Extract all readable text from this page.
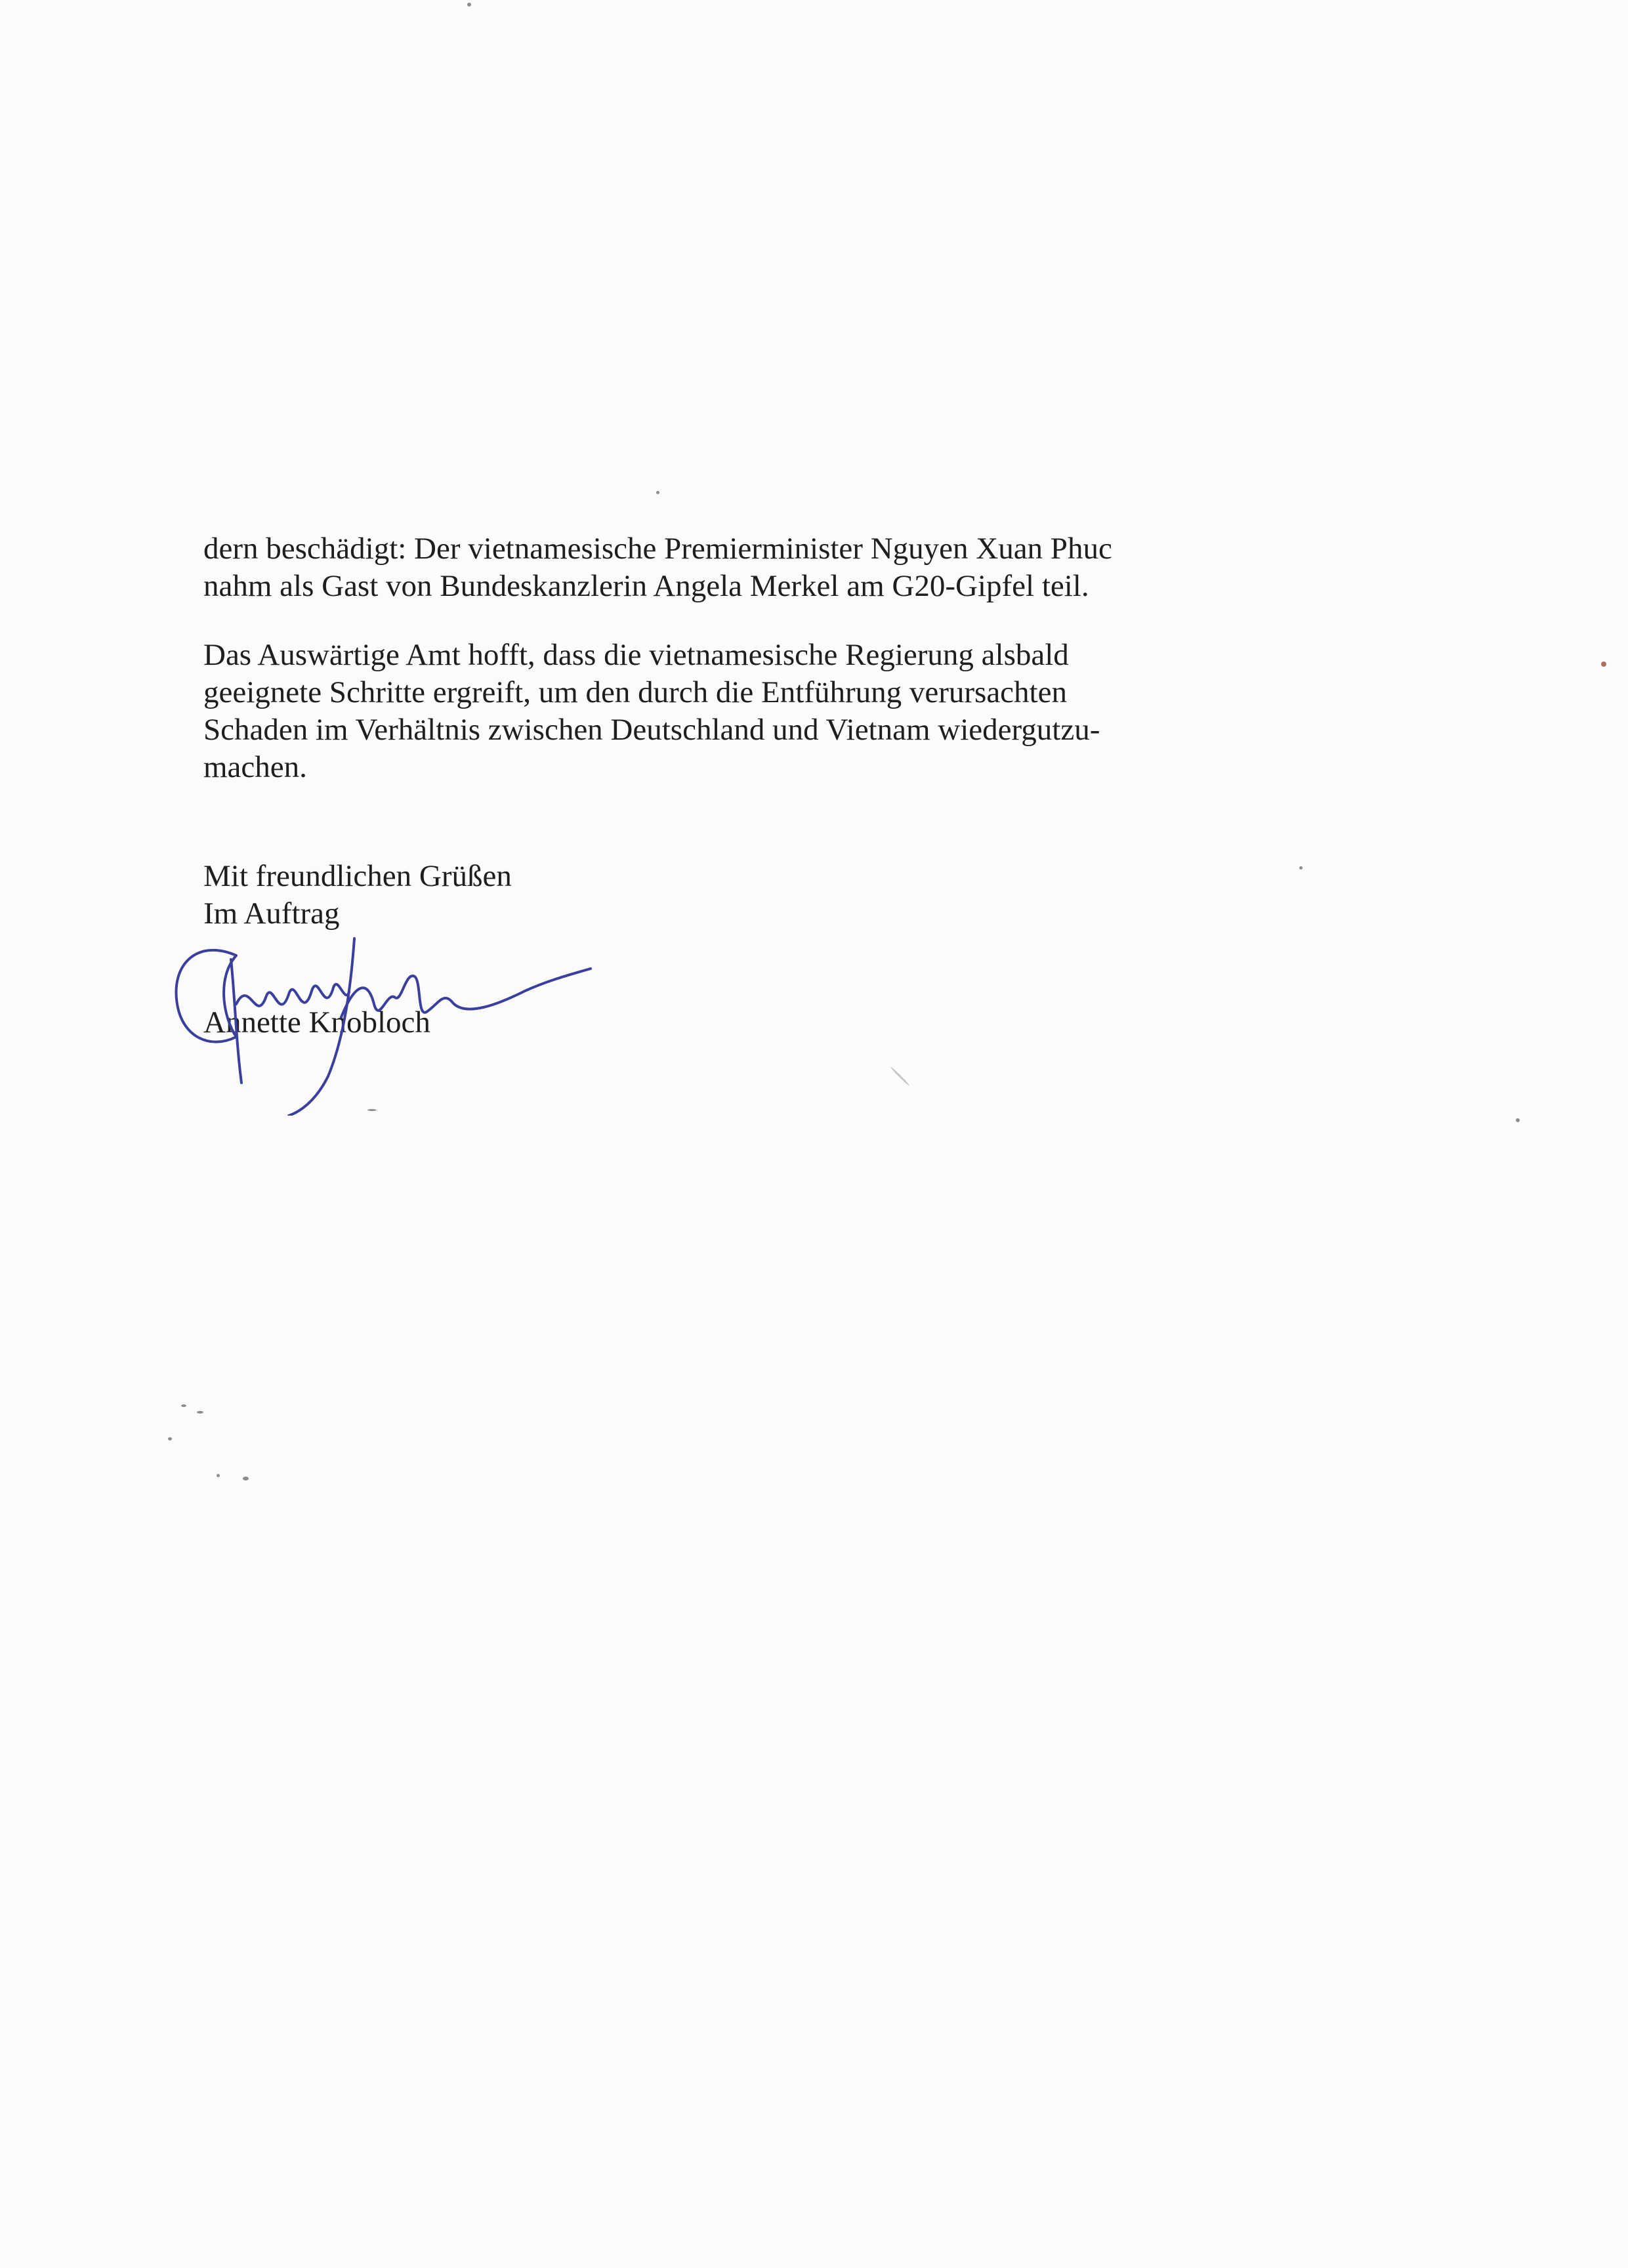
dern beschädigt: Der vietnamesische Premierminister Nguyen Xuan Phuc

nahm als Gast von Bundeskanzlerin Angela Merkel am G20-Gipfel teil.

Das Auswärtige Amt hofft, dass die vietnamesische Regierung alsbald

geeignete Schritte ergreift, um den durch die Entführung verursachten

Schaden im Verhältnis zwischen Deutschland und Vietnam wiedergutzu-

machen.

Mit freundlichen Grüßen

Im Auftrag

Annette Knobloch
